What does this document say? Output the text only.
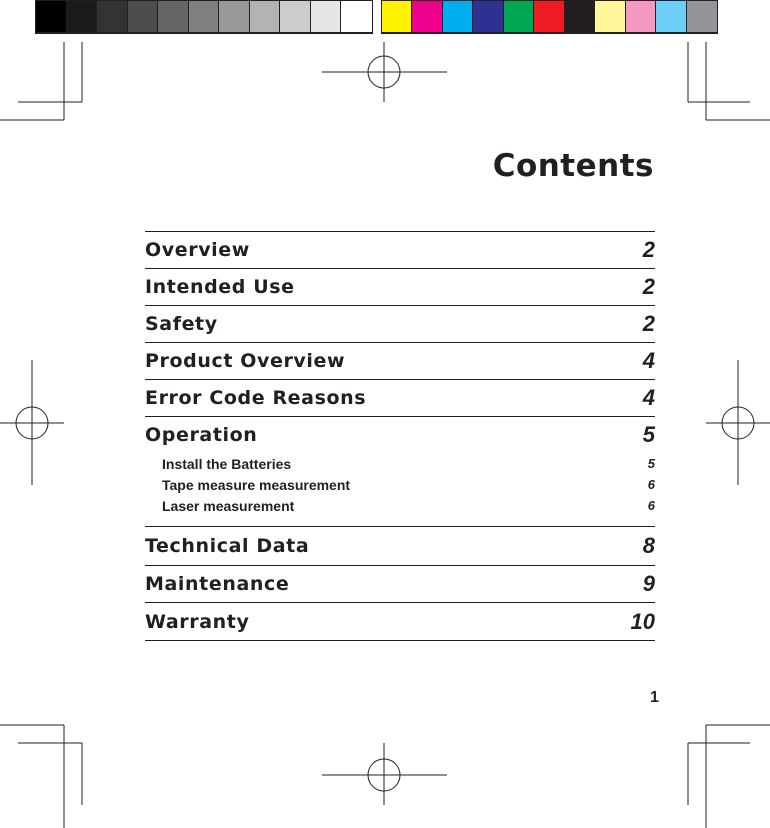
Contents
Overview	2
Intended Use	2
Safety	2
Product Overview	4
Error Code Reasons	4
Operation	5
Install the Batteries	5
Tape measure measurement	6
Laser measurement	6
Technical Data	8
Maintenance	9
Warranty	10
1
